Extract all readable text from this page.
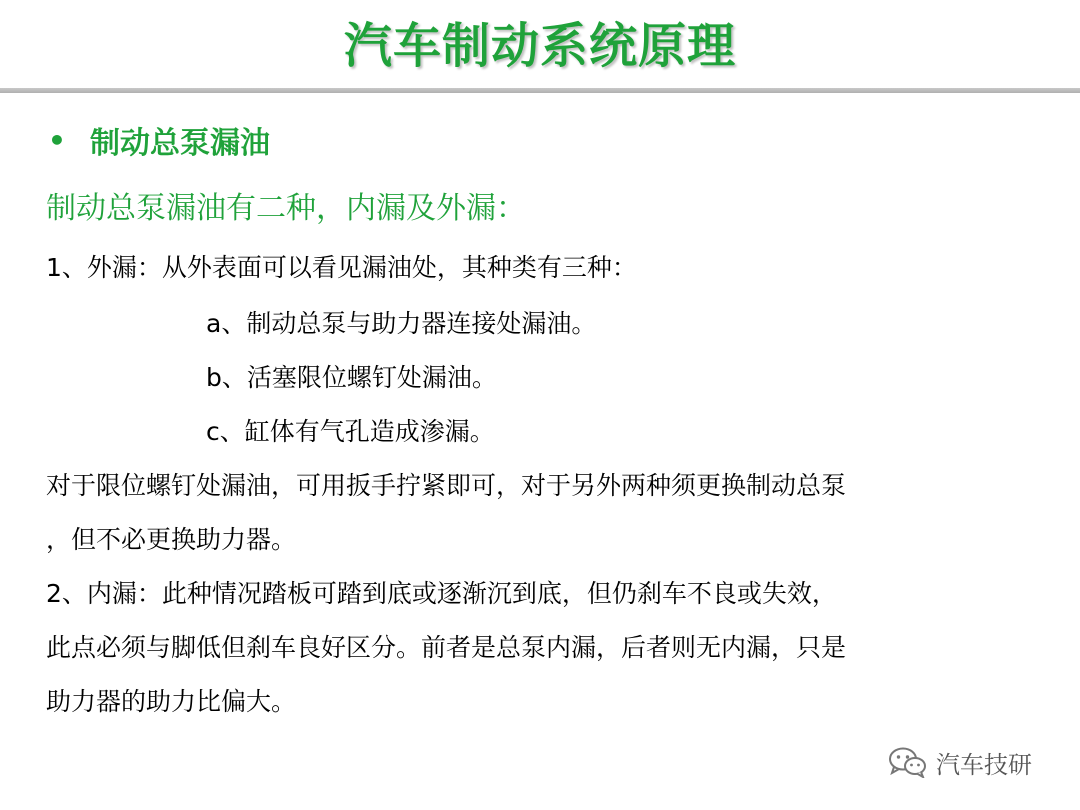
汽车制动系统原理
• 制动总泵漏油
制动总泵漏油有二种，内漏及外漏：
1、外漏：从外表面可以看见漏油处，其种类有三种：
a、制动总泵与助力器连接处漏油。
b、活塞限位螺钉处漏油。
c、缸体有气孔造成渗漏。
对于限位螺钉处漏油，可用扳手拧紧即可，对于另外两种须更换制动总泵
，但不必更换助力器。
2、内漏：此种情况踏板可踏到底或逐渐沉到底，但仍刹车不良或失效，
此点必须与脚低但刹车良好区分。前者是总泵内漏，后者则无内漏，只是
助力器的助力比偏大。
汽车技研
